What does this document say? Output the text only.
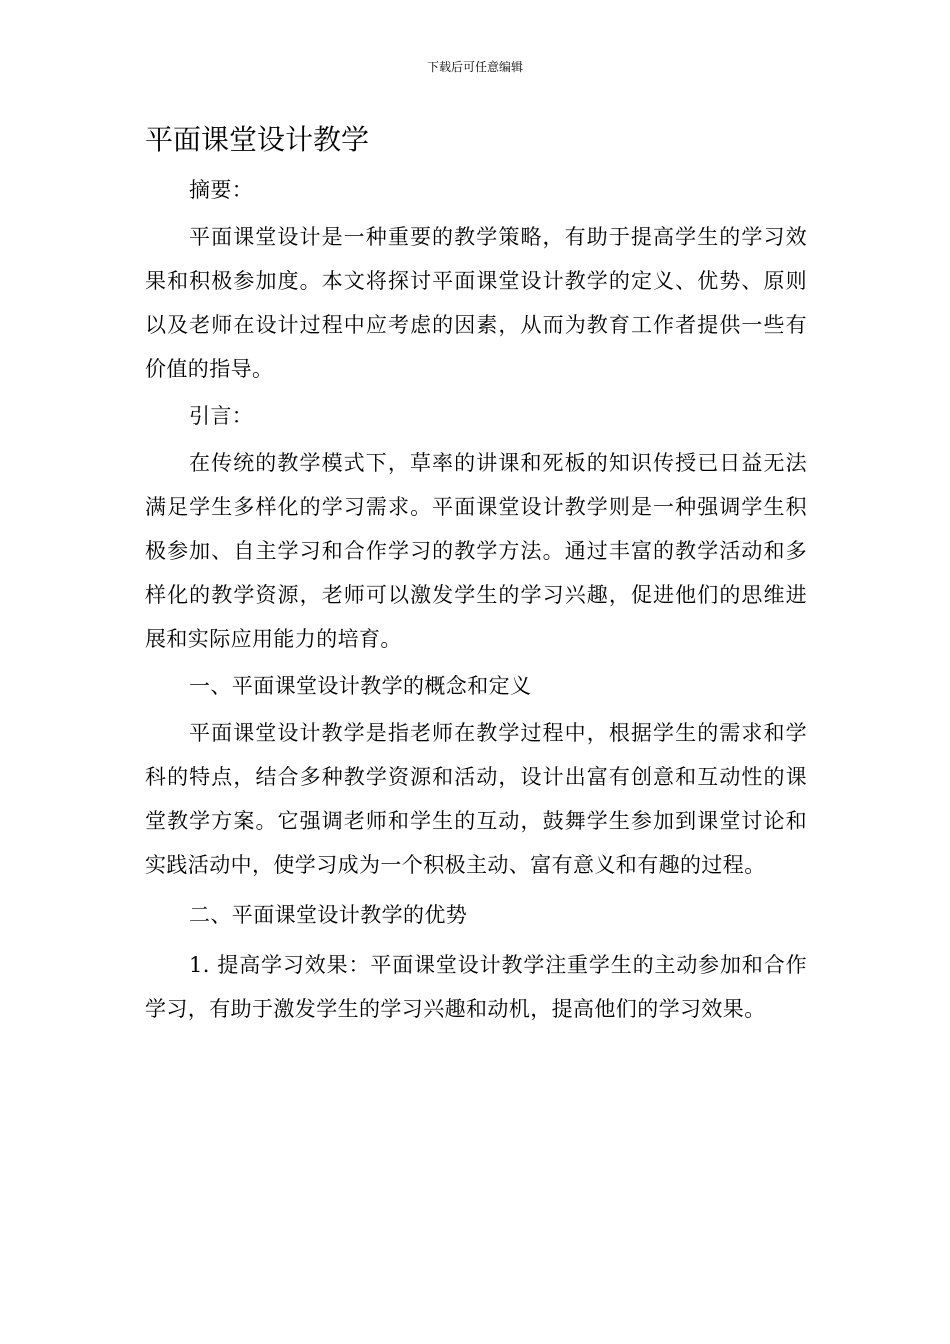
下载后可任意编辑
平面课堂设计教学

摘要：

平面课堂设计是一种重要的教学策略，有助于提高学生的学习效果和积极参加度。本文将探讨平面课堂设计教学的定义、优势、原则以及老师在设计过程中应考虑的因素，从而为教育工作者提供一些有价值的指导。

引言：

在传统的教学模式下，草率的讲课和死板的知识传授已日益无法满足学生多样化的学习需求。平面课堂设计教学则是一种强调学生积极参加、自主学习和合作学习的教学方法。通过丰富的教学活动和多样化的教学资源，老师可以激发学生的学习兴趣，促进他们的思维进展和实际应用能力的培育。

一、平面课堂设计教学的概念和定义

平面课堂设计教学是指老师在教学过程中，根据学生的需求和学科的特点，结合多种教学资源和活动，设计出富有创意和互动性的课堂教学方案。它强调老师和学生的互动，鼓舞学生参加到课堂讨论和实践活动中，使学习成为一个积极主动、富有意义和有趣的过程。

二、平面课堂设计教学的优势

1. 提高学习效果：平面课堂设计教学注重学生的主动参加和合作学习，有助于激发学生的学习兴趣和动机，提高他们的学习效果。
